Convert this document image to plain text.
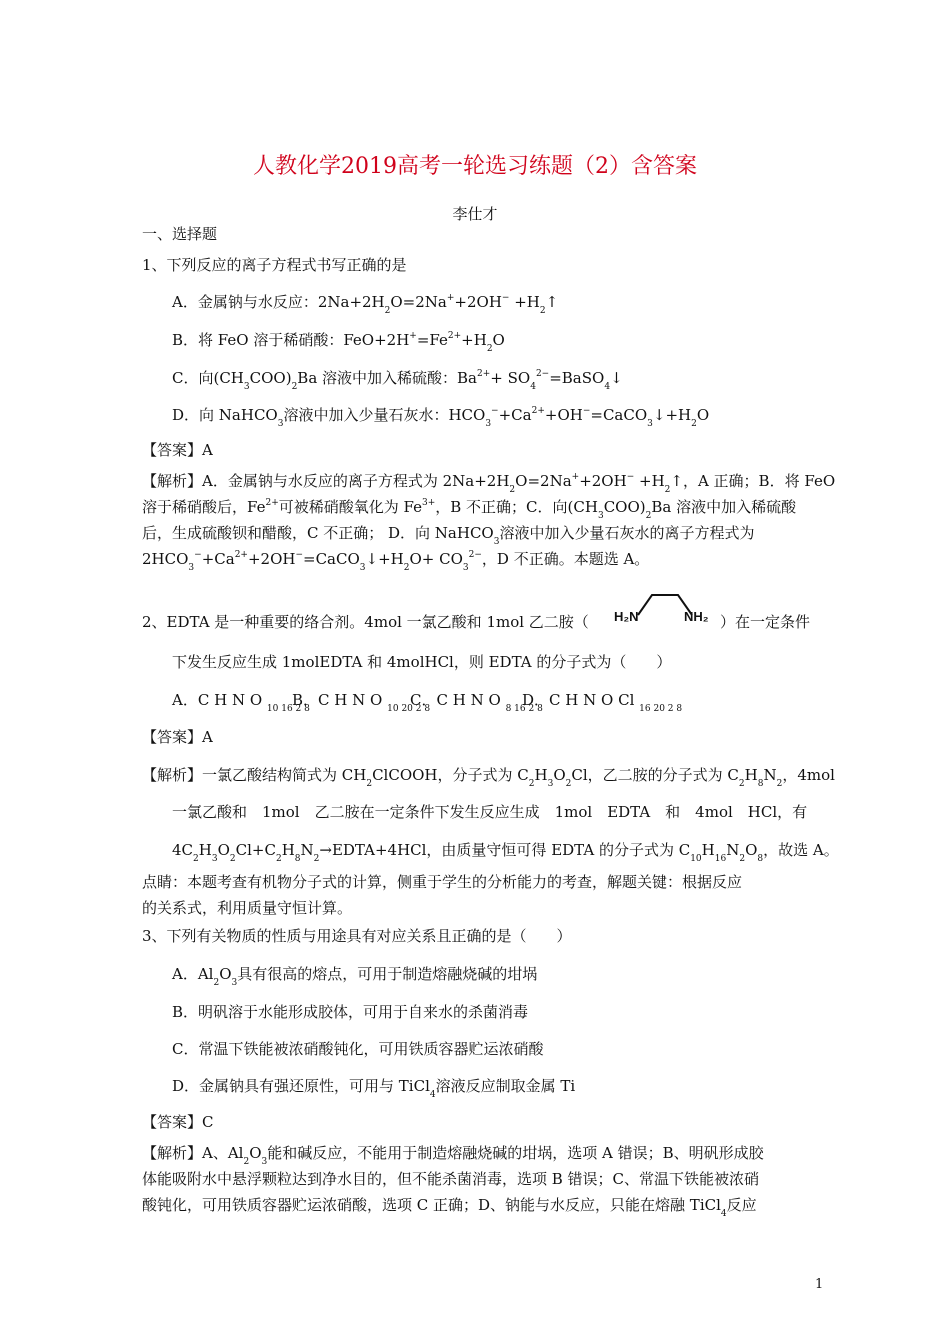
人教化学2019高考一轮选习练题（2）含答案
李仕才
一、选择题
1、下列反应的离子方程式书写正确的是
A．金属钠与水反应：$2Na+2H_2O=2Na^++2OH^-$ $+H_2↑$
B．将 FeO 溶于稀硝酸：$FeO+2H^+=Fe^{2+}+H_2O$
C．向$(CH_3COO)_2Ba$ 溶液中加入稀硫酸：$Ba^{2+}+$ $SO_4^{2-}=BaSO_4↓$
D．向 NaHCO$_3$溶液中加入少量石灰水：$HCO_3^-+Ca^{2+}+OH^-=CaCO_3↓+H_2O$
【答案】A
【解析】A．金属钠与水反应的离子方程式为 $2Na+2H_2O=2Na^++2OH^-$ $+H_2↑$，A 正确；B．将 FeO
溶于稀硝酸后，$Fe^{2+}$可被稀硝酸氧化为 $Fe^{3+}$，B 不正确；C．向$(CH_3COO)_2Ba$ 溶液中加入稀硫酸
后，生成硫酸钡和醋酸，C 不正确； D．向 NaHCO$_3$溶液中加入少量石灰水的离子方程式为
$2HCO_3^-+Ca^{2+}+2OH^-=CaCO_3↓+H_2O+ CO_3^{2-}$，D 不正确。本题选 A。
2、EDTA 是一种重要的络合剂。4mol 一氯乙酸和 1mol 乙二胺（ H₂N	NH₂ ）在一定条件
下发生反应生成 1molEDTA 和 4molHCl，则 EDTA 的分子式为（　　）
A．C H N O $_{10 16 2 8}$
B．C H N O $_{10 20 2 8}$
C．C H N O $_{8 16 2 8}$
D．C H N O Cl $_{16 20 2 8}$
【答案】A
【解析】一氯乙酸结构简式为 $CH_2ClCOOH$，分子式为 $C_2H_3O_2Cl$，乙二胺的分子式为 $C_2H_8N_2$，4mol
一氯乙酸和　1mol　乙二胺在一定条件下发生反应生成　1mol　EDTA　和　4mol　HCl，有
$4C_2H_3O_2Cl+C_2H_8N_2\to EDTA+4HCl$，由质量守恒可得 EDTA 的分子式为 $C_{10}H_{16}N_2O_8$，故选 A。
点睛：本题考查有机物分子式的计算，侧重于学生的分析能力的考查，解题关键：根据反应
的关系式，利用质量守恒计算。
3、下列有关物质的性质与用途具有对应关系且正确的是（　　）
A．$Al_2O_3$具有很高的熔点，可用于制造熔融烧碱的坩埚
B．明矾溶于水能形成胶体，可用于自来水的杀菌消毒
C．常温下铁能被浓硝酸钝化，可用铁质容器贮运浓硝酸
D．金属钠具有强还原性，可用与 TiCl$_4$溶液反应制取金属 Ti
【答案】C
【解析】A、$Al_2O_3$能和碱反应，不能用于制造熔融烧碱的坩埚，选项 A 错误；B、明矾形成胶
体能吸附水中悬浮颗粒达到净水目的，但不能杀菌消毒，选项 B 错误；C、常温下铁能被浓硝
酸钝化，可用铁质容器贮运浓硝酸，选项 C 正确；D、钠能与水反应，只能在熔融 TiCl$_4$反应
1
